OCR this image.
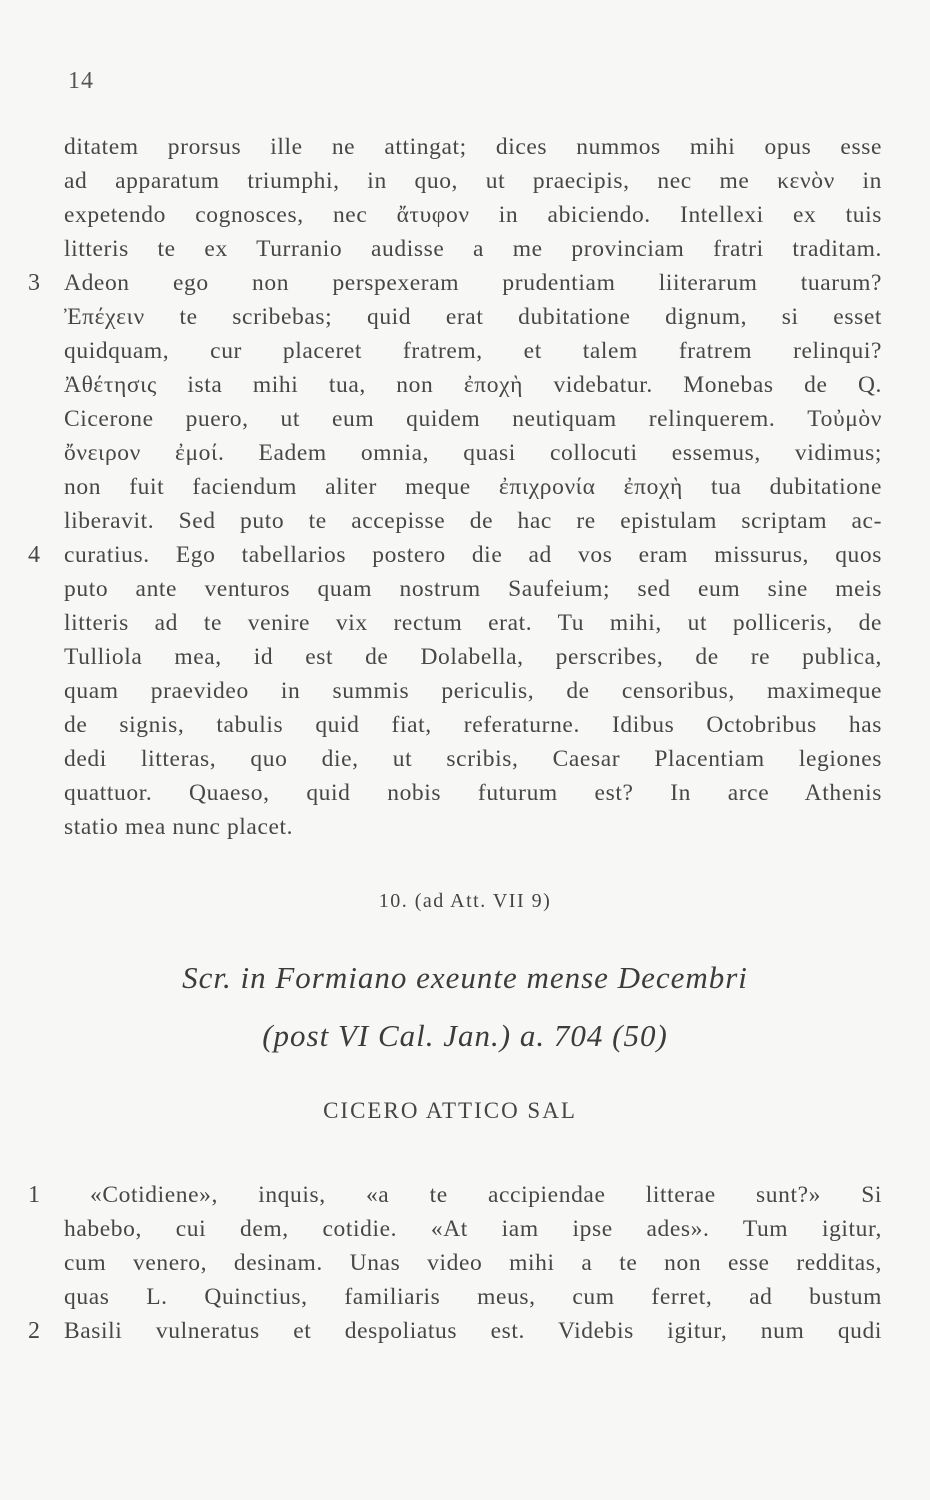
14
ditatem prorsus ille ne attingat; dices nummos mihi opus esse
ad apparatum triumphi, in quo, ut praecipis, nec me κενὸν in
expetendo cognosces, nec ἄτυφον in abiciendo. Intellexi ex tuis
litteris te ex Turranio audisse a me provinciam fratri traditam.
3 Adeon ego non perspexeram prudentiam liiterarum tuarum?
Ἐπέχειν te scribebas; quid erat dubitatione dignum, si esset
quidquam, cur placeret fratrem, et talem fratrem relinqui?
Ἀθέτησις ista mihi tua, non ἐποχὴ videbatur. Monebas de Q.
Cicerone puero, ut eum quidem neutiquam relinquerem. Τοὐμὸν
ὄνειρον ἐμοί. Eadem omnia, quasi collocuti essemus, vidimus;
non fuit faciendum aliter meque ἐπιχρονία ἐποχὴ tua dubitatione
liberavit. Sed puto te accepisse de hac re epistulam scriptam ac-
4 curatius. Ego tabellarios postero die ad vos eram missurus, quos
puto ante venturos quam nostrum Saufeium; sed eum sine meis
litteris ad te venire vix rectum erat. Tu mihi, ut polliceris, de
Tulliola mea, id est de Dolabella, perscribes, de re publica,
quam praevideo in summis periculis, de censoribus, maximeque
de signis, tabulis quid fiat, referaturne. Idibus Octobribus has
dedi litteras, quo die, ut scribis, Caesar Placentiam legiones
quattuor. Quaeso, quid nobis futurum est? In arce Athenis
statio mea nunc placet.
10. (ad Att. VII 9)
Scr. in Formiano exeunte mense Decembri
(post VI Cal. Jan.) a. 704 (50)
CICERO ATTICO SAL
1 «Cotidiene», inquis, «a te accipiendae litterae sunt?» Si
habebo, cui dem, cotidie. «At iam ipse ades». Tum igitur,
cum venero, desinam. Unas video mihi a te non esse redditas,
quas L. Quinctius, familiaris meus, cum ferret, ad bustum
2 Basili vulneratus et despoliatus est. Videbis igitur, num qudi
